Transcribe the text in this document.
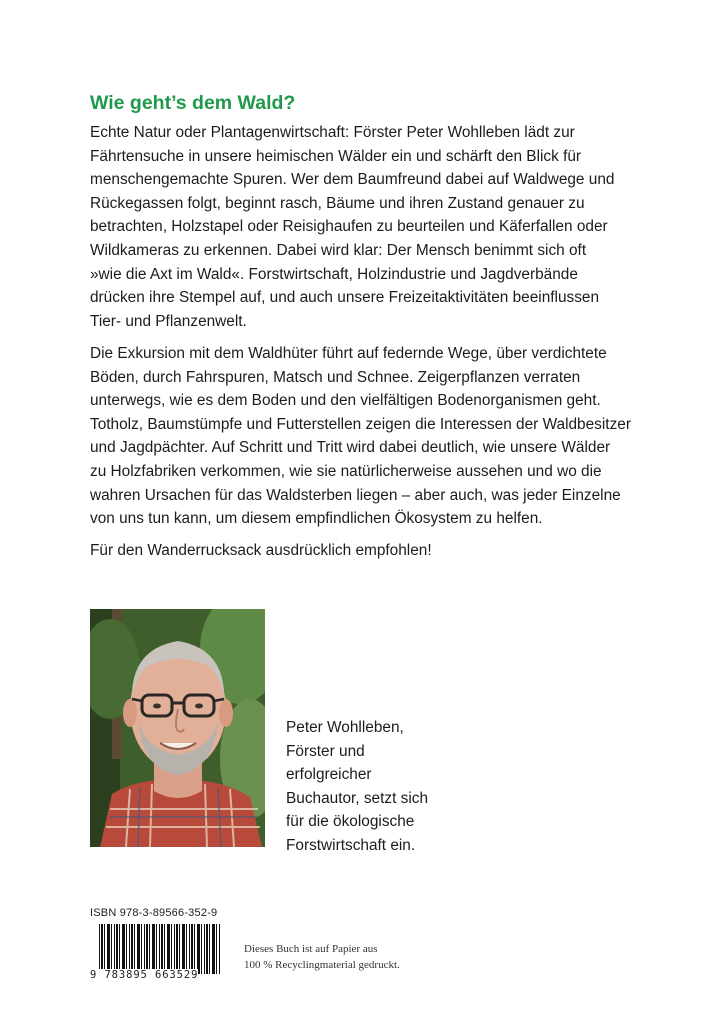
Wie geht’s dem Wald?
Echte Natur oder Plantagenwirtschaft: Förster Peter Wohlleben lädt zur
Fährtensuche in unsere heimischen Wälder ein und schärft den Blick für
menschengemachte Spuren. Wer dem Baumfreund dabei auf Waldwege und
Rückegassen folgt, beginnt rasch, Bäume und ihren Zustand genauer zu
betrachten, Holzstapel oder Reisighaufen zu beurteilen und Käferfallen oder
Wildkameras zu erkennen. Dabei wird klar: Der Mensch benimmt sich oft
»wie die Axt im Wald«. Forstwirtschaft, Holzindustrie und Jagdverbände
drücken ihre Stempel auf, und auch unsere Freizeitaktivitäten beeinflussen
Tier- und Pflanzenwelt.
Die Exkursion mit dem Waldhüter führt auf federnde Wege, über verdichtete
Böden, durch Fahrspuren, Matsch und Schnee. Zeigerpflanzen verraten
unterwegs, wie es dem Boden und den vielfältigen Bodenorganismen geht.
Totholz, Baumstümpfe und Futterstellen zeigen die Interessen der Waldbesitzer
und Jagdpächter. Auf Schritt und Tritt wird dabei deutlich, wie unsere Wälder
zu Holzfabriken verkommen, wie sie natürlicherweise aussehen und wo die
wahren Ursachen für das Waldsterben liegen – aber auch, was jeder Einzelne
von uns tun kann, um diesem empfindlichen Ökosystem zu helfen.
Für den Wanderrucksack ausdrücklich empfohlen!
Peter Wohlleben,
Förster und
erfolgreicher
Buchautor, setzt sich
für die ökologische
Forstwirtschaft ein.
ISBN 978-3-89566-352-9
9 783895 663529
Dieses Buch ist auf Papier aus
100 % Recyclingmaterial gedruckt.
